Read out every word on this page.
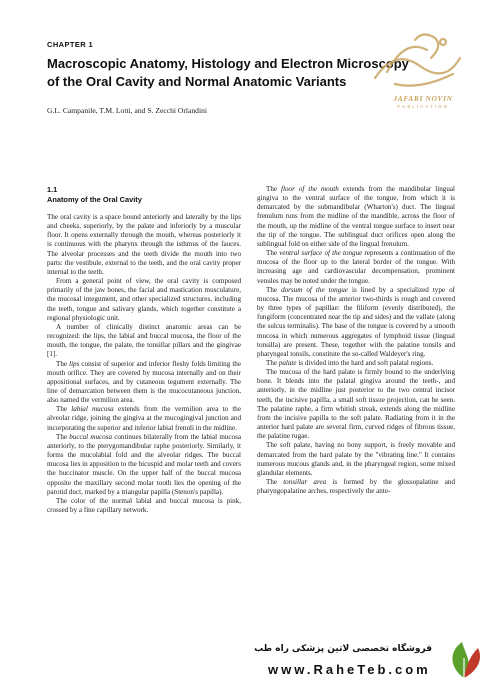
CHAPTER 1
Macroscopic Anatomy, Histology and Electron Microscopy
of the Oral Cavity and Normal Anatomic Variants
G.L. Campanile, T.M. Lotti, and S. Zecchi Orlandini
JAFARI NOVIN
PUBLICATION
1.1
Anatomy of the Oral Cavity

The oral cavity is a space bound anteriorly and laterally by the lips and cheeks, superiorly, by the palate and inferiorly by a muscular floor. It opens externally through the mouth, whereas posteriorly it is continuous with the pharynx through the isthmus of the fauces. The alveolar processes and the teeth divide the mouth into two parts: the vestibule, external to the teeth, and the oral cavity proper internal to the teeth.

From a general point of view, the oral cavity is composed primarily of the jaw bones, the facial and mastication musculature, the mucosal integument, and other specialized structures, including the teeth, tongue and salivary glands, which together constitute a regional physiologic unit.

A number of clinically distinct anatomic areas can be recognized: the lips, the labial and buccal mucosa, the floor of the mouth, the tongue, the palate, the tonsillar pillars and the gingivae [1].

The lips consist of superior and inferior fleshy folds limiting the mouth orifice. They are covered by mucosa internally and on their appositional surfaces, and by cutaneous tegument externally. The line of demarcation between them is the mucocutaneous junction, also named the vermilion area.

The labial mucosa extends from the vermilion area to the alveolar ridge, joining the gingiva at the mucogingival junction and incorporating the superior and inferior labial frenuli in the midline.

The buccal mucosa continues bilaterally from the labial mucosa anteriorly, to the pterygomandibular raphe posteriorly. Similarly, it forms the mucolabial fold and the alveolar ridges. The buccal mucosa lies in apposition to the bicuspid and molar teeth and covers the buccinator muscle. On the upper half of the buccal mucosa opposite the maxillary second molar tooth lies the opening of the parotid duct, marked by a triangular papilla (Stenon's papilla).

The color of the normal labial and buccal mucosa is pink, crossed by a fine capillary network.

The floor of the mouth extends from the mandibular lingual gingiva to the ventral surface of the tongue, from which it is demarcated by the submandibular (Wharton's) duct. The lingual frenulum runs from the midline of the mandible, across the floor of the mouth, up the midline of the ventral tongue surface to insert near the tip of the tongue. The sublingual duct orifices open along the sublingual fold on either side of the lingual frenulum.

The ventral surface of the tongue represents a continuation of the mucosa of the floor up to the lateral border of the tongue. With increasing age and cardiovascular decompensation, prominent venules may be noted under the tongue.

The dorsum of the tongue is lined by a specialized type of mucosa. The mucosa of the anterior two-thirds is rough and covered by three types of papillae: the filiform (evenly distributed), the fungiform (concentrated near the tip and sides) and the vallate (along the sulcus terminalis). The base of the tongue is covered by a smooth mucosa in which numerous aggregates of lymphoid tissue (lingual tonsilla) are present. These, together with the palatine tonsils and pharyngeal tonsils, constitute the so-called Waldeyer's ring.

The palate is divided into the hard and soft palatal regions.

The mucosa of the hard palate is firmly bound to the underlying bone. It blends into the palatal gingiva around the teeth-, and anteriorly, in the midline just posterior to the two central incisor teeth, the incisive papilla, a small soft tissue projection, can be seen. The palatine raphe, a firm whitish streak, extends along the midline from the incisive papilla to the soft palate. Radiating from it in the anterior hard palate are several firm, curved ridges of fibrous tissue, the palatine rugae.

The soft palate, having no bony support, is freely movable and demarcated from the hard palate by the "vibrating line." It contains numerous mucous glands and, in the pharyngeal region, some mixed glandular elements.

The tonsillar area is formed by the glossopalatine and pharyngopalatine arches, respectively the ante-

فروشگاه تخصصی لاتین پزشکی راه طب
www.RaheTeb.com
